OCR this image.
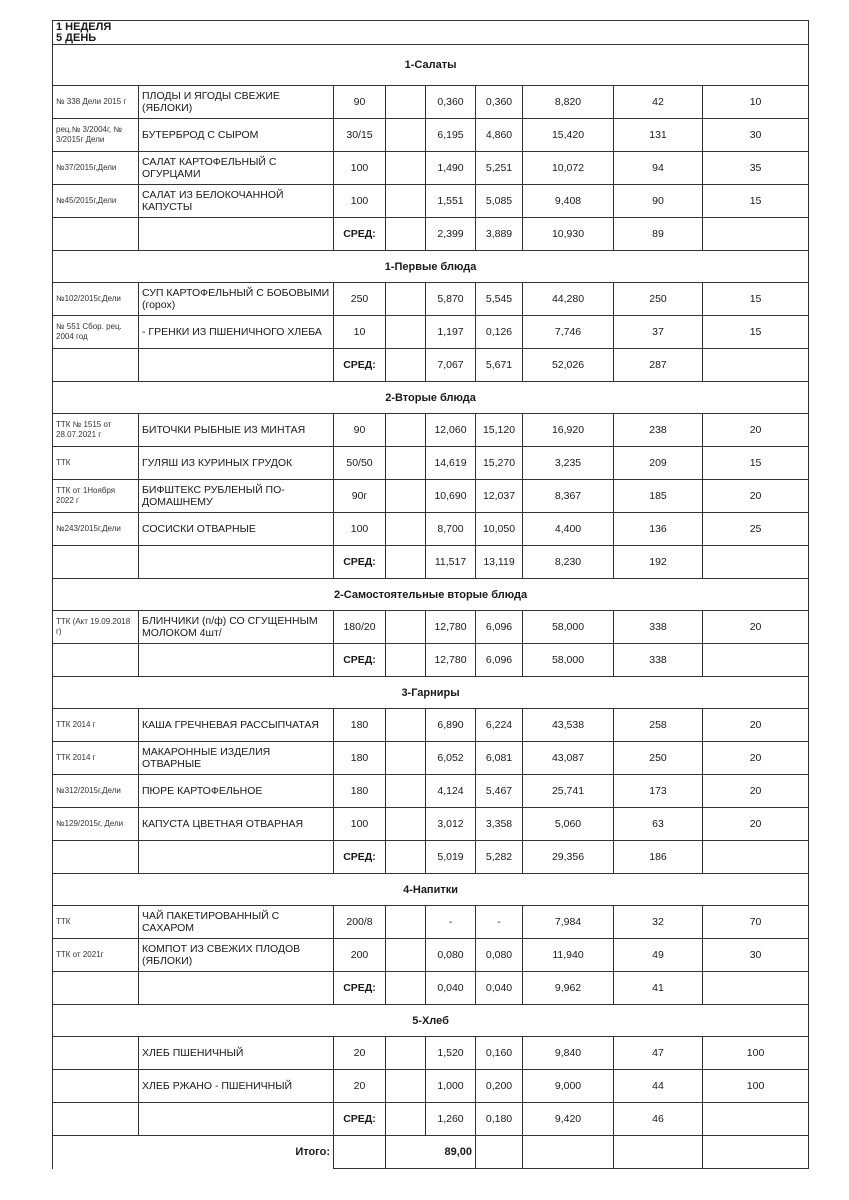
1 НЕДЕЛЯ
5 ДЕНЬ								

1-Салаты								
№ 338 Дели 2015 г	ПЛОДЫ И ЯГОДЫ СВЕЖИЕ (ЯБЛОКИ)	90		0,360	0,360	8,820	42	10
рец.№ 3/2004г, № 3/2015г Дели	БУТЕРБРОД С СЫРОМ	30/15		6,195	4,860	15,420	131	30
№37/2015г,Дели	САЛАТ КАРТОФЕЛЬНЫЙ С ОГУРЦАМИ	100		1,490	5,251	10,072	94	35
№45/2015г,Дели	САЛАТ ИЗ БЕЛОКОЧАННОЙ КАПУСТЫ	100		1,551	5,085	9,408	90	15
		СРЕД:		2,399	3,889	10,930	89	
1-Первые блюда								
№102/2015г,Дели	СУП КАРТОФЕЛЬНЫЙ С БОБОВЫМИ (горох)	250		5,870	5,545	44,280	250	15
№ 551 Сбор. рец. 2004 год	- ГРЕНКИ ИЗ ПШЕНИЧНОГО ХЛЕБА	10		1,197	0,126	7,746	37	15
		СРЕД:		7,067	5,671	52,026	287	
2-Вторые блюда								
ТТК № 1515 от 28.07.2021 г	БИТОЧКИ РЫБНЫЕ ИЗ МИНТАЯ	90		12,060	15,120	16,920	238	20
ТТК	ГУЛЯШ ИЗ КУРИНЫХ ГРУДОК	50/50		14,619	15,270	3,235	209	15
ТТК от 1Ноября 2022 г	БИФШТЕКС РУБЛЕНЫЙ ПО-ДОМАШНЕМУ	90г		10,690	12,037	8,367	185	20
№243/2015г,Дели	СОСИСКИ ОТВАРНЫЕ	100		8,700	10,050	4,400	136	25
		СРЕД:		11,517	13,119	8,230	192	
2-Самостоятельные вторые блюда								
ТТК (Акт 19.09.2018 г)	БЛИНЧИКИ (п/ф) СО СГУЩЕННЫМ МОЛОКОМ 4шт/	180/20		12,780	6,096	58,000	338	20
		СРЕД:		12,780	6,096	58,000	338	
3-Гарниры								
ТТК 2014 г	КАША ГРЕЧНЕВАЯ РАССЫПЧАТАЯ	180		6,890	6,224	43,538	258	20
ТТК 2014 г	МАКАРОННЫЕ ИЗДЕЛИЯ ОТВАРНЫЕ	180		6,052	6,081	43,087	250	20
№312/2015г,Дели	ПЮРЕ КАРТОФЕЛЬНОЕ	180		4,124	5,467	25,741	173	20
№129/2015г, Дели	КАПУСТА ЦВЕТНАЯ ОТВАРНАЯ	100		3,012	3,358	5,060	63	20
		СРЕД:		5,019	5,282	29,356	186	
4-Напитки								
ТТК	ЧАЙ ПАКЕТИРОВАННЫЙ С САХАРОМ	200/8		-	-	7,984	32	70
ТТК от 2021г	КОМПОТ ИЗ СВЕЖИХ ПЛОДОВ (ЯБЛОКИ)	200		0,080	0,080	11,940	49	30
		СРЕД:		0,040	0,040	9,962	41	
5-Хлеб								
	ХЛЕБ ПШЕНИЧНЫЙ	20		1,520	0,160	9,840	47	100
	ХЛЕБ РЖАНО - ПШЕНИЧНЫЙ	20		1,000	0,200	9,000	44	100
		СРЕД:		1,260	0,180	9,420	46	
Итого:			89,00					
